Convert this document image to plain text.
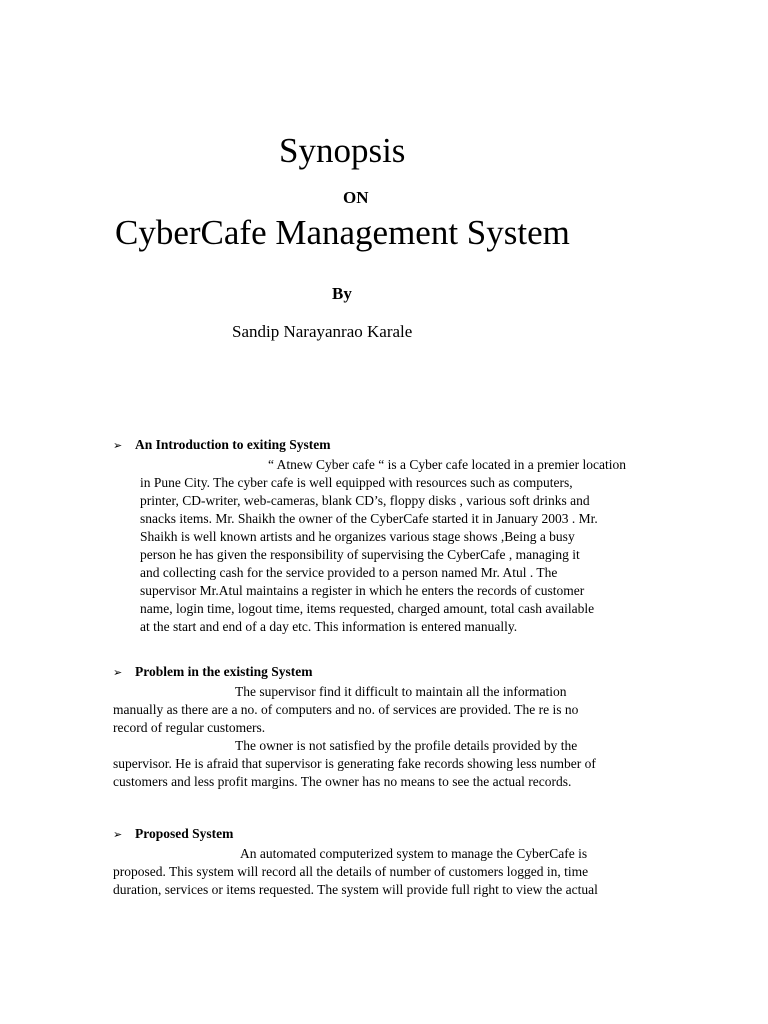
Synopsis
ON
CyberCafe Management System
By
Sandip Narayanrao Karale
➢ An Introduction to exiting System
“ Atnew Cyber cafe “ is a Cyber cafe located in a premier location
in Pune City. The cyber cafe is well equipped with resources such as computers,
printer, CD-writer, web-cameras, blank CD’s, floppy disks , various soft drinks and
snacks items. Mr. Shaikh the owner of the CyberCafe started it in January 2003 . Mr.
Shaikh is well known artists and he organizes various stage shows ,Being a busy
person he has given the responsibility of supervising the CyberCafe , managing it
and collecting cash for the service provided to a person named Mr. Atul . The
supervisor Mr.Atul maintains a register in which he enters the records of customer
name, login time, logout time, items requested, charged amount, total cash available
at the start and end of a day etc. This information is entered manually.
➢ Problem in the existing System
The supervisor find it difficult to maintain all the information
manually as there are a no. of computers and no. of services are provided. The re is no
record of regular customers.
The owner is not satisfied by the profile details provided by the
supervisor. He is afraid that supervisor is generating fake records showing less number of
customers and less profit margins. The owner has no means to see the actual records.
➢ Proposed System
An automated computerized system to manage the CyberCafe is
proposed. This system will record all the details of number of customers logged in, time
duration, services or items requested. The system will provide full right to view the actual
